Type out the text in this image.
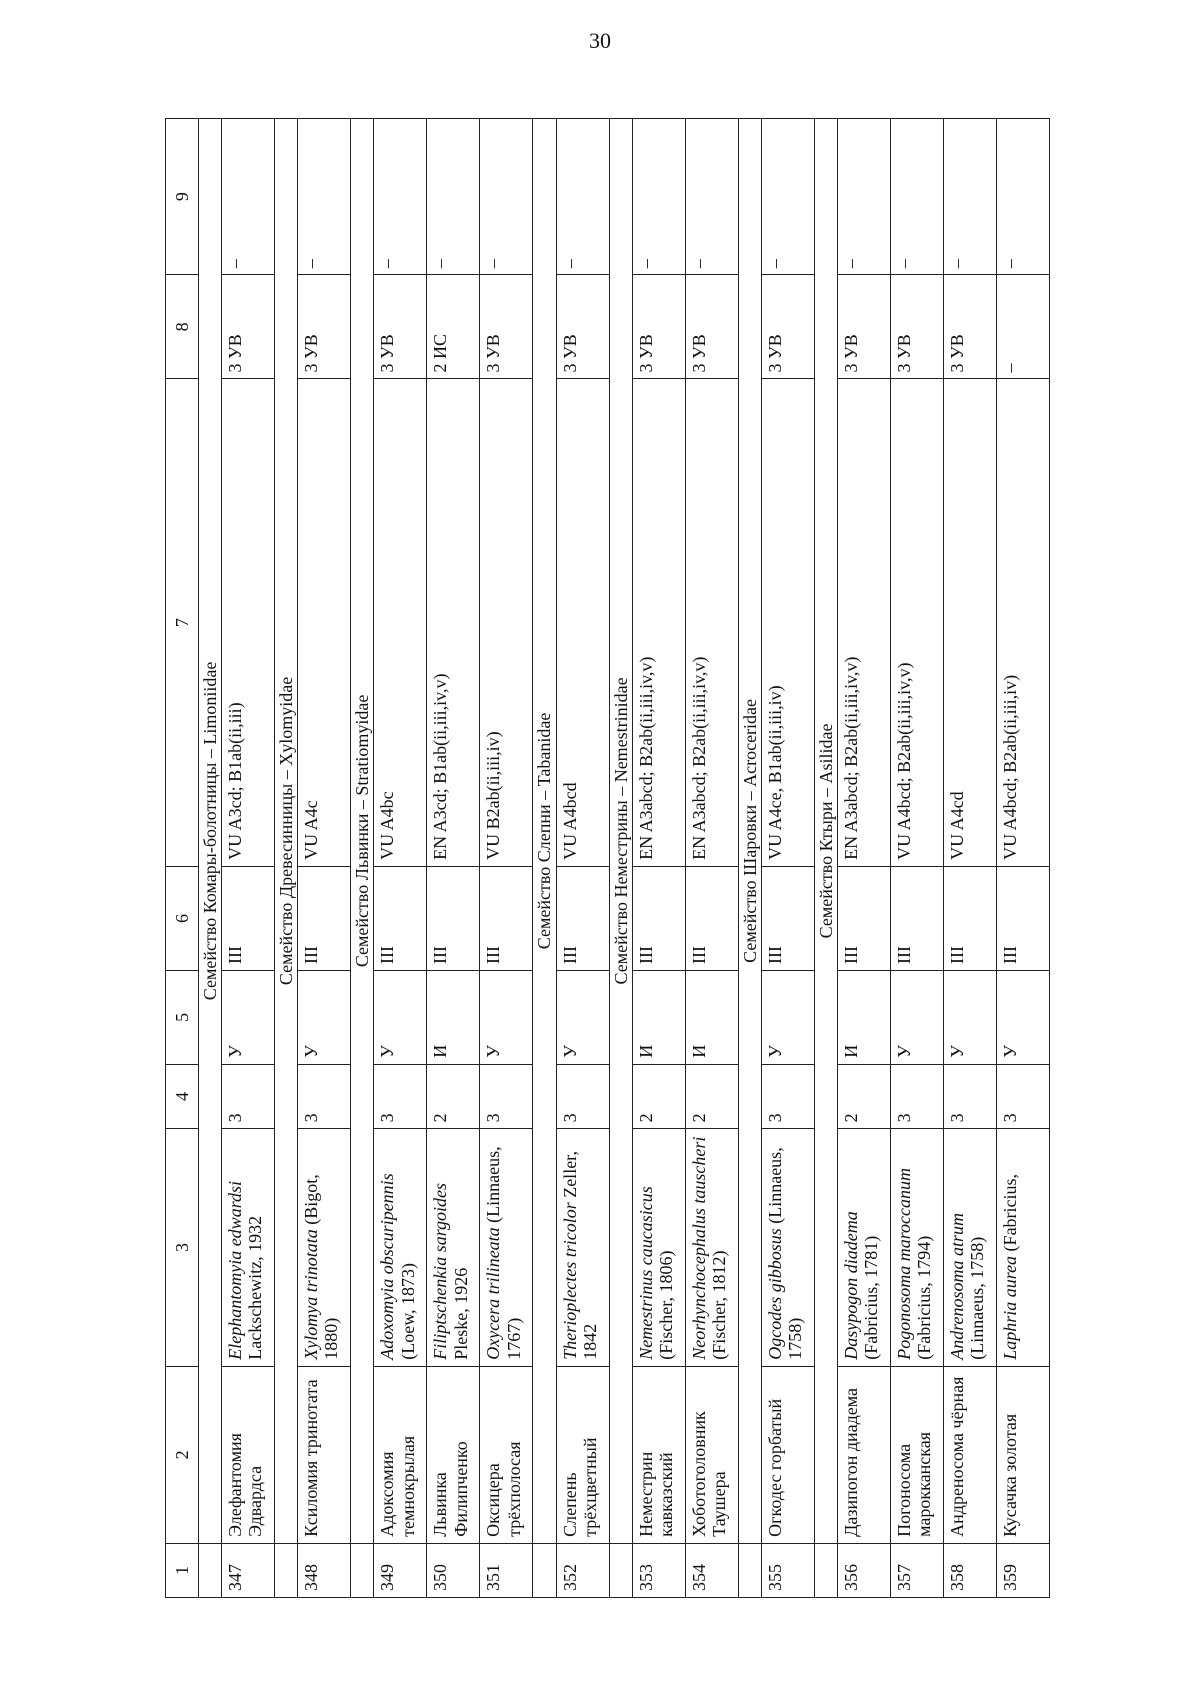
30
1	2	3	4	5	6	7	8	9
	Семейство Комары-болотницы – Limoniidae							
347	Элефантомия Эдвардса	Elephantomyia edwardsi Lackschewitz, 1932	3	У	III	VU A3cd; B1ab(ii,iii)	3 УВ	–
	Семейство Древесинницы – Xylomyidae							
348	Ксиломия тринотата	Xylomya trinotata (Bigot, 1880)	3	У	III	VU A4c	3 УВ	–
	Семейство Львинки – Stratiomyidae							
349	Адоксомия темнокрылая	Adoxomyia obscuripennis (Loew, 1873)	3	У	III	VU A4bc	3 УВ	–
350	Львинка Филипченко	Filiptschenkia sargoides Pleske, 1926	2	И	III	EN A3cd; B1ab(ii,iii,iv,v)	2 ИС	–
351	Оксицера трёхполосая	Oxycera trilineata (Linnaeus, 1767)	3	У	III	VU B2ab(ii,iii,iv)	3 УВ	–
	Семейство Слепни – Tabanidae							
352	Слепень трёхцветный	Therioplectes tricolor Zeller, 1842	3	У	III	VU A4bcd	3 УВ	–
	Семейство Неместрины – Nemestrinidae							
353	Неместрин кавказский	Nemestrinus caucasicus (Fischer, 1806)	2	И	III	EN A3abcd; B2ab(ii,iii,iv,v)	3 УВ	–
354	Хоботоголовник Таушера	Neorhynchocephalus tauscheri (Fischer, 1812)	2	И	III	EN A3abcd; B2ab(ii,iii,iv,v)	3 УВ	–
	Семейство Шаровки – Acroceridae							
355	Огкодес горбатый	Ogcodes gibbosus (Linnaeus, 1758)	3	У	III	VU A4ce, B1ab(ii,iii,iv)	3 УВ	–
	Семейство Ктыри – Asilidae							
356	Дазипогон диадема	Dasypogon diadema (Fabricius, 1781)	2	И	III	EN A3abcd; B2ab(ii,iii,iv,v)	3 УВ	–
357	Погоносома марокканская	Pogonosoma maroccanum (Fabricius, 1794)	3	У	III	VU A4bcd; B2ab(ii,iii,iv,v)	3 УВ	–
358	Андреносома чёрная	Andrenosoma atrum (Linnaeus, 1758)	3	У	III	VU A4cd	3 УВ	–
359	Кусачка золотая	Laphria aurea (Fabricius,	3	У	III	VU A4bcd; B2ab(ii,iii,iv)	–	–
